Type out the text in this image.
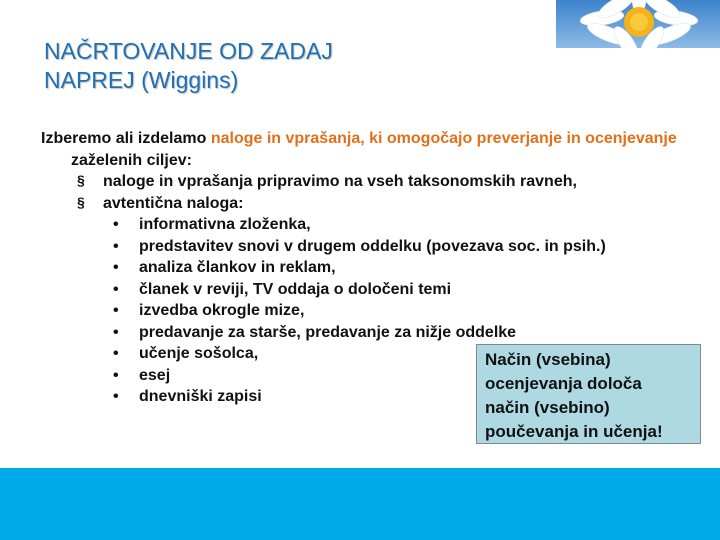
NAČRTOVANJE OD ZADAJ
NAPREJ (Wiggins)
Izberemo ali izdelamo naloge in vprašanja, ki omogočajo preverjanje in ocenjevanje zaželenih ciljev:
§ naloge in vprašanja pripravimo na vseh taksonomskih ravneh,
§ avtentična naloga:
• informativna zloženka,
• predstavitev snovi v drugem oddelku (povezava soc. in psih.)
• analiza člankov in reklam,
• članek v reviji, TV oddaja o določeni temi
• izvedba okrogle mize,
• predavanje za starše, predavanje za nižje oddelke
• učenje sošolca,
• esej
• dnevniški zapisi
Način (vsebina)
ocenjevanja določa
način (vsebino)
poučevanja in učenja!
